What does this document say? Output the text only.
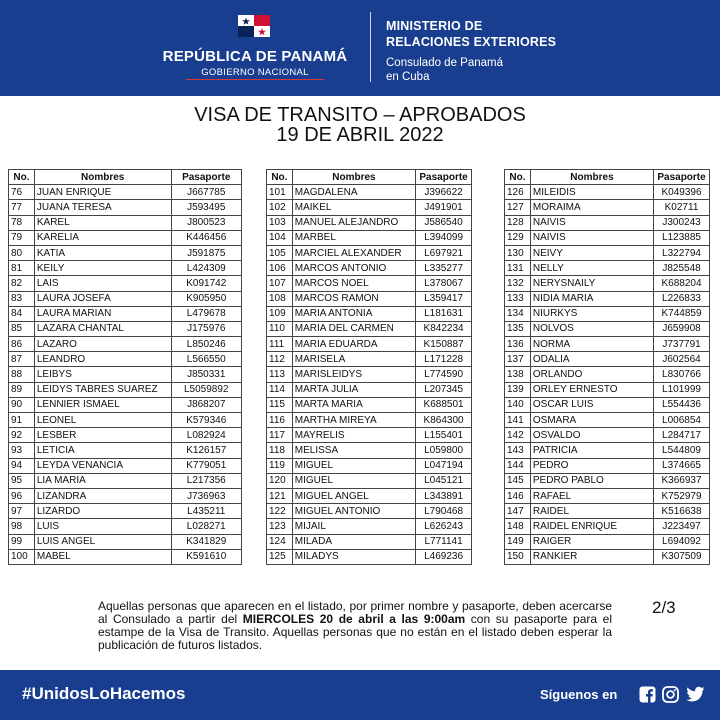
REPÚBLICA DE PANAMÁ
GOBIERNO NACIONAL
MINISTERIO DE
RELACIONES EXTERIORES
Consulado de Panamá
en Cuba
VISA DE TRANSITO – APROBADOS
19 DE ABRIL 2022
No.	Nombres	Pasaporte
76	JUAN ENRIQUE	J667785
77	JUANA TERESA	J593495
78	KAREL	J800523
79	KARELIA	K446456
80	KATIA	J591875
81	KEILY	L424309
82	LAIS	K091742
83	LAURA JOSEFA	K905950
84	LAURA MARIAN	L479678
85	LAZARA CHANTAL	J175976
86	LAZARO	L850246
87	LEANDRO	L566550
88	LEIBYS	J850331
89	LEIDYS TABRES SUAREZ	L5059892
90	LENNIER ISMAEL	J868207
91	LEONEL	K579346
92	LESBER	L082924
93	LETICIA	K126157
94	LEYDA VENANCIA	K779051
95	LIA MARIA	L217356
96	LIZANDRA	J736963
97	LIZARDO	L435211
98	LUIS	L028271
99	LUIS ANGEL	K341829
100	MABEL	K591610
No.	Nombres	Pasaporte
101	MAGDALENA	J396622
102	MAIKEL	J491901
103	MANUEL ALEJANDRO	J586540
104	MARBEL	L394099
105	MARCIEL ALEXANDER	L697921
106	MARCOS ANTONIO	L335277
107	MARCOS NOEL	L378067
108	MARCOS RAMON	L359417
109	MARIA ANTONIA	L181631
110	MARIA DEL CARMEN	K842234
111	MARIA EDUARDA	K150887
112	MARISELA	L171228
113	MARISLEIDYS	L774590
114	MARTA JULIA	L207345
115	MARTA MARIA	K688501
116	MARTHA MIREYA	K864300
117	MAYRELIS	L155401
118	MELISSA	L059800
119	MIGUEL	L047194
120	MIGUEL	L045121
121	MIGUEL ANGEL	L343891
122	MIGUEL ANTONIO	L790468
123	MIJAIL	L626243
124	MILADA	L771141
125	MILADYS	L469236
No.	Nombres	Pasaporte
126	MILEIDIS	K049396
127	MORAIMA	K02711
128	NAIVIS	J300243
129	NAIVIS	L123885
130	NEIVY	L322794
131	NELLY	J825548
132	NERYSNAILY	K688204
133	NIDIA MARIA	L226833
134	NIURKYS	K744859
135	NOLVOS	J659908
136	NORMA	J737791
137	ODALIA	J602564
138	ORLANDO	L830766
139	ORLEY ERNESTO	L101999
140	OSCAR LUIS	L554436
141	OSMARA	L006854
142	OSVALDO	L284717
143	PATRICIA	L544809
144	PEDRO	L374665
145	PEDRO PABLO	K366937
146	RAFAEL	K752979
147	RAIDEL	K516638
148	RAIDEL ENRIQUE	J223497
149	RAIGER	L694092
150	RANKIER	K307509
Aquellas personas que aparecen en el listado, por primer nombre y pasaporte, deben acercarse al Consulado a partir del MIERCOLES 20 de abril a las 9:00am con su pasaporte para el estampe de la Visa de Transito. Aquellas personas que no están en el listado deben esperar la publicación de futuros listados.
2/3
#UnidosLoHacemos	Síguenos en
